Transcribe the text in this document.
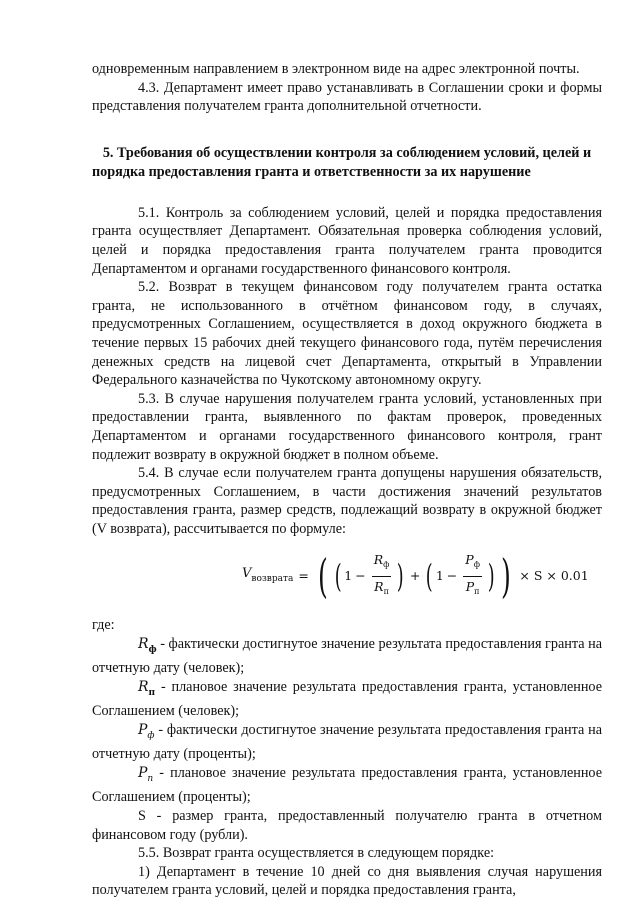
одновременным направлением в электронном виде на адрес электронной почты.

4.3. Департамент имеет право устанавливать в Соглашении сроки и формы представления получателем гранта дополнительной отчетности.

5. Требования об осуществлении контроля за соблюдением условий, целей и порядка предоставления гранта и ответственности за их нарушение

5.1. Контроль за соблюдением условий, целей и порядка предоставления гранта осуществляет Департамент. Обязательная проверка соблюдения условий, целей и порядка предоставления гранта получателем гранта проводится Департаментом и органами государственного финансового контроля.

5.2. Возврат в текущем финансовом году получателем гранта остатка гранта, не использованного в отчётном финансовом году, в случаях, предусмотренных Соглашением, осуществляется в доход окружного бюджета в течение первых 15 рабочих дней текущего финансового года, путём перечисления денежных средств на лицевой счет Департамента, открытый в Управлении Федерального казначейства по Чукотскому автономному округу.

5.3. В случае нарушения получателем гранта условий, установленных при предоставлении гранта, выявленного по фактам проверок, проведенных Департаментом и органами государственного финансового контроля, грант подлежит возврату в окружной бюджет в полном объеме.

5.4. В случае если получателем гранта допущены нарушения обязательств, предусмотренных Соглашением, в части достижения значений результатов предоставления гранта, размер средств, подлежащий возврату в окружной бюджет (V возврата), рассчитывается по формуле:

$V_{возврата}$ = ( ( $1 - \frac{R_ф}{R_п}$ ) + ( $1 - \frac{P_ф}{P_п}$ ) ) × S × 0.01

где:

$R_ф$ - фактически достигнутое значение результата предоставления гранта на отчетную дату (человек);

$R_п$ - плановое значение результата предоставления гранта, установленное Соглашением (человек);

$P_ф$ - фактически достигнутое значение результата предоставления гранта на отчетную дату (проценты);

$P_п$ - плановое значение результата предоставления гранта, установленное Соглашением (проценты);

S - размер гранта, предоставленный получателю гранта в отчетном финансовом году (рубли).

5.5. Возврат гранта осуществляется в следующем порядке:

1) Департамент в течение 10 дней со дня выявления случая нарушения получателем гранта условий, целей и порядка предоставления гранта,
